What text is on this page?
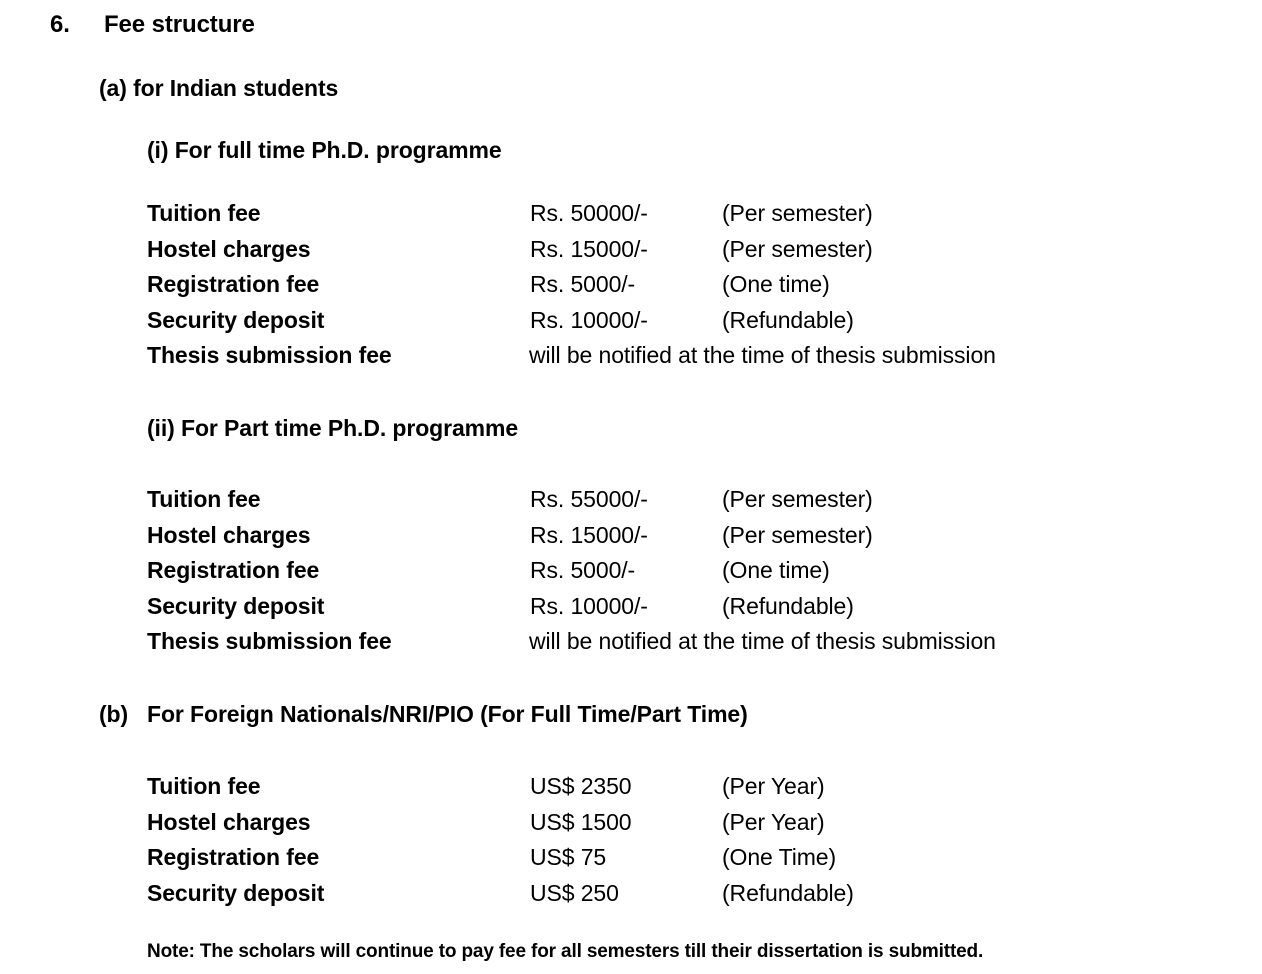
6. Fee structure
(a) for Indian students
(i) For full time Ph.D. programme
Tuition fee	Rs. 50000/-	(Per semester)
Hostel charges	Rs. 15000/-	(Per semester)
Registration fee	Rs. 5000/-	(One time)
Security deposit	Rs. 10000/-	(Refundable)
Thesis submission fee	will be notified at the time of thesis submission
(ii) For Part time Ph.D. programme
Tuition fee	Rs. 55000/-	(Per semester)
Hostel charges	Rs. 15000/-	(Per semester)
Registration fee	Rs. 5000/-	(One time)
Security deposit	Rs. 10000/-	(Refundable)
Thesis submission fee	will be notified at the time of thesis submission
(b) For Foreign Nationals/NRI/PIO (For Full Time/Part Time)
Tuition fee	US$ 2350	(Per Year)
Hostel charges	US$ 1500	(Per Year)
Registration fee	US$ 75	(One Time)
Security deposit	US$ 250	(Refundable)
Note: The scholars will continue to pay fee for all semesters till their dissertation is submitted.
